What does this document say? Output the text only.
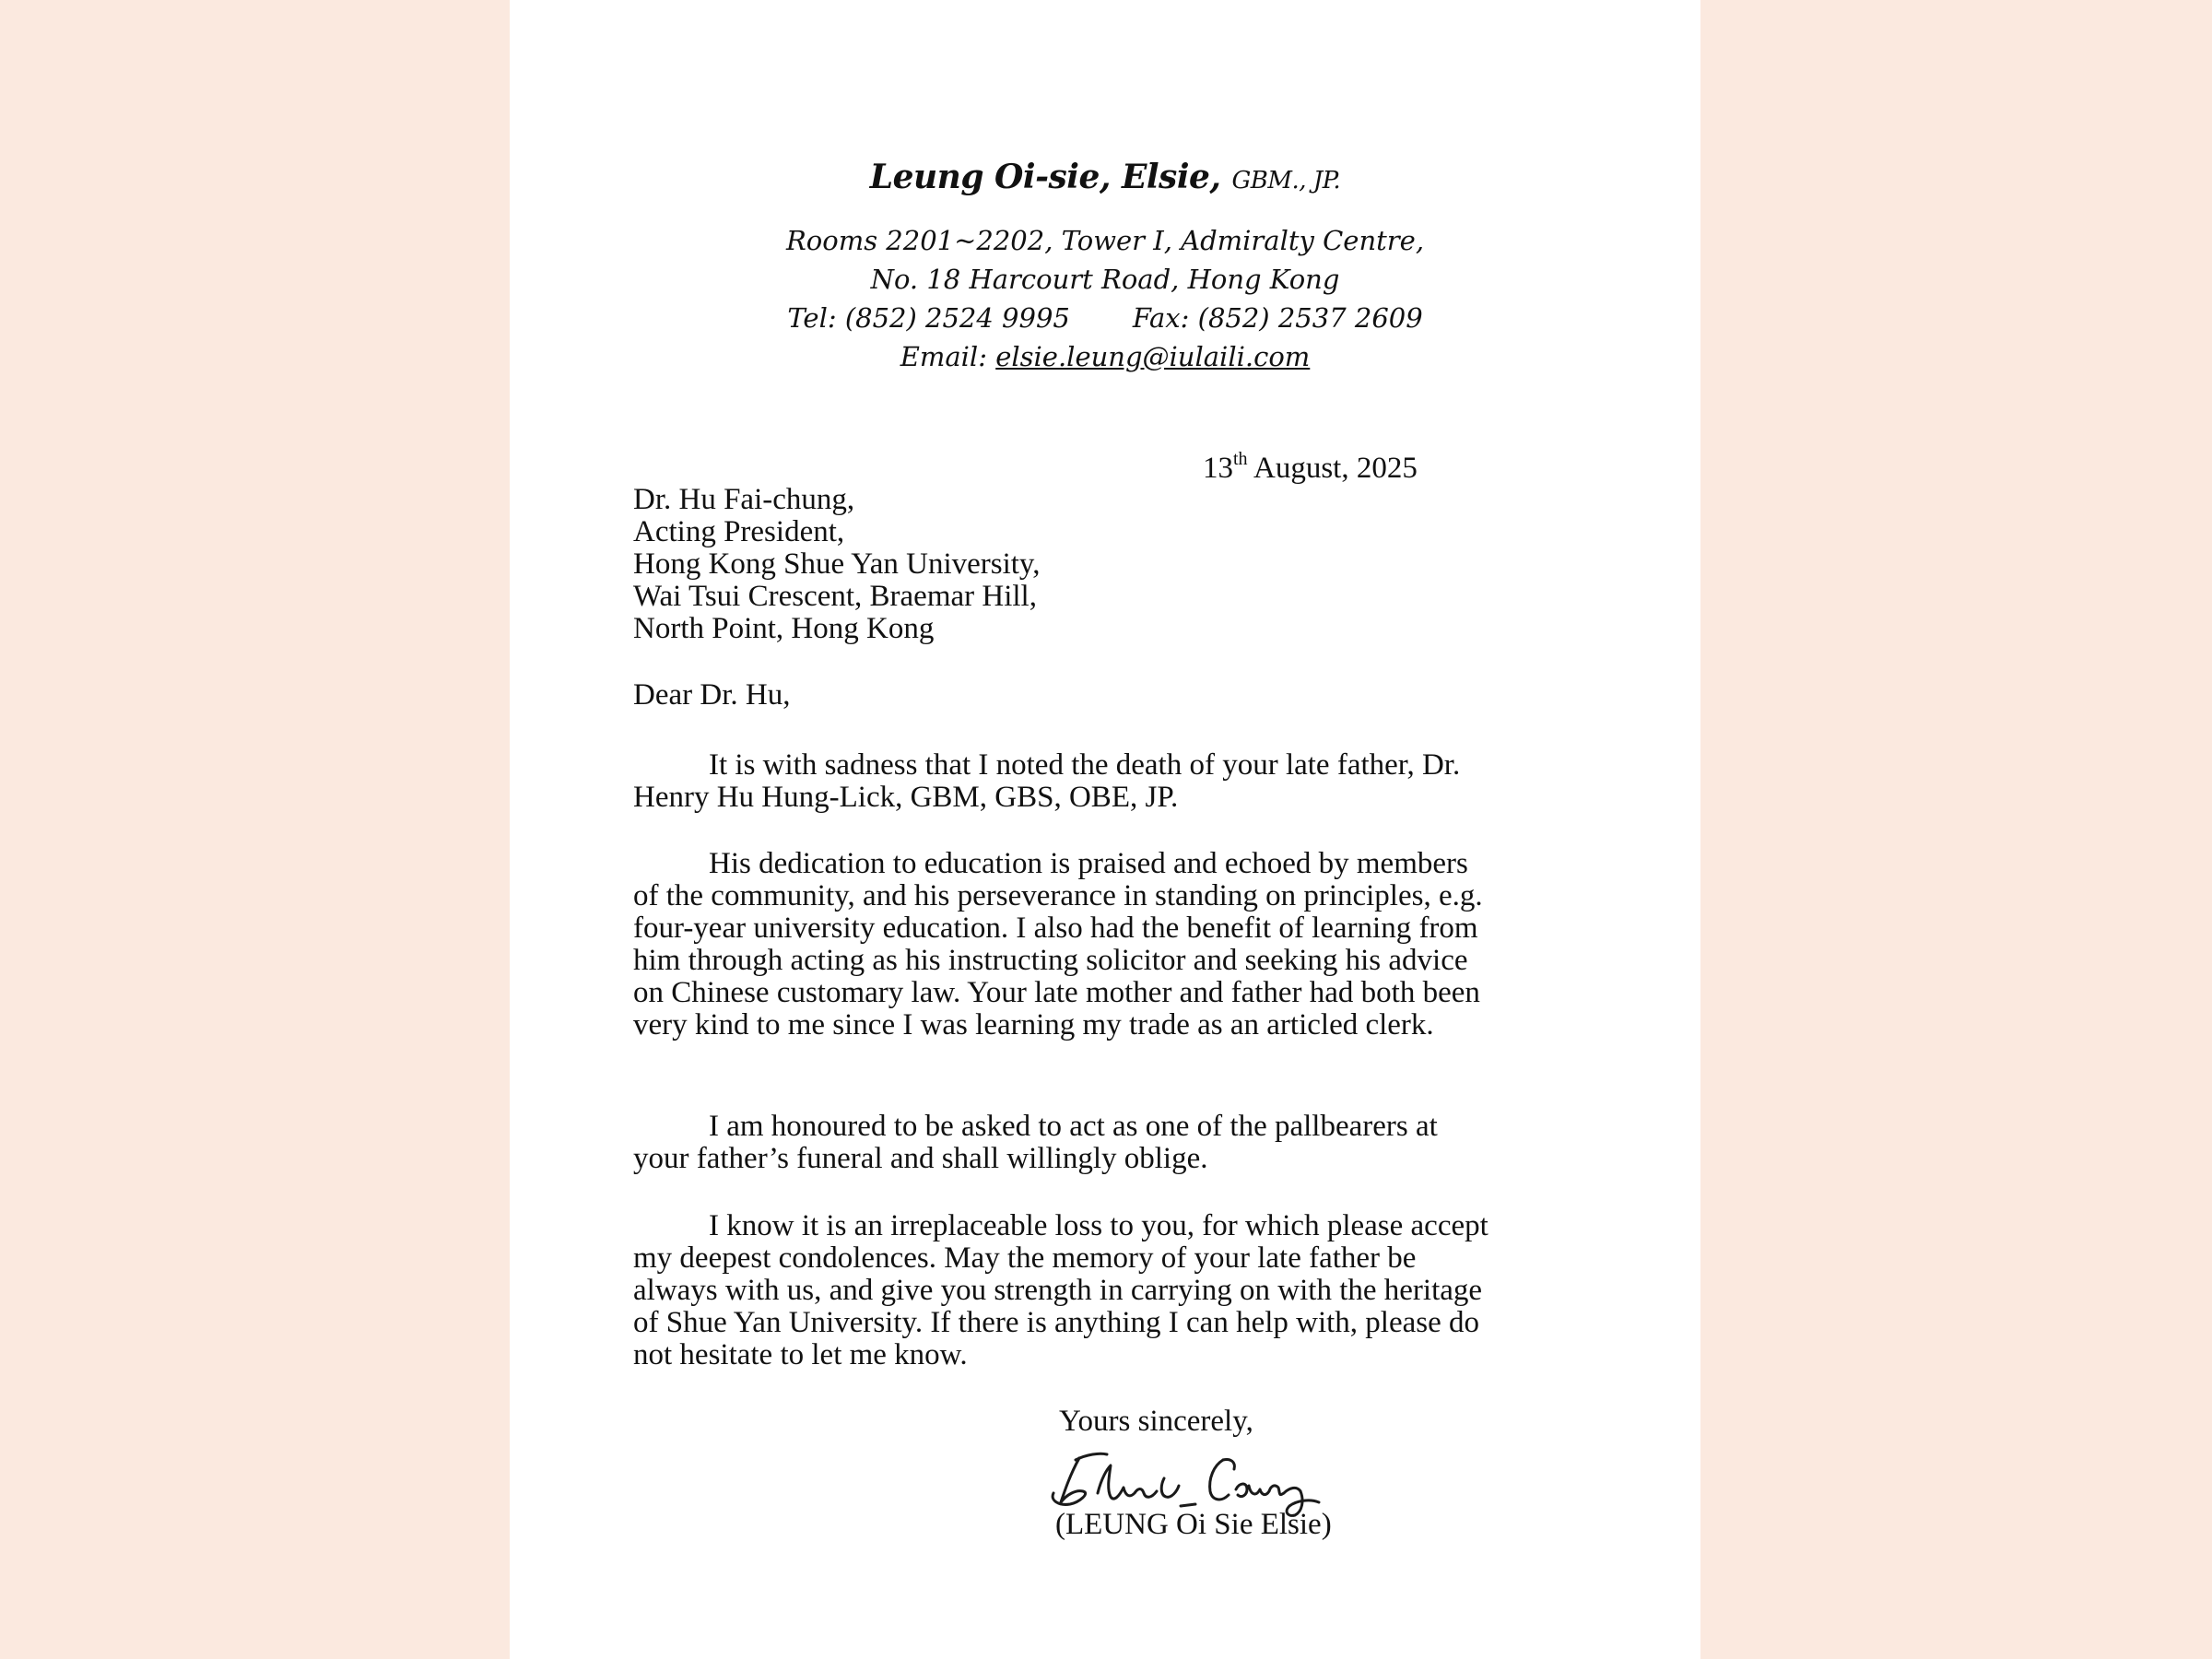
Leung Oi-sie, Elsie, GBM., JP.
Rooms 2201~2202, Tower I, Admiralty Centre,
No. 18 Harcourt Road, Hong Kong
Tel: (852) 2524 9995 Fax: (852) 2537 2609
Email: elsie.leung@iulaili.com
13th August, 2025
Dr. Hu Fai-chung,
Acting President,
Hong Kong Shue Yan University,
Wai Tsui Crescent, Braemar Hill,
North Point, Hong Kong
Dear Dr. Hu,
It is with sadness that I noted the death of your late father, Dr. Henry Hu Hung-Lick, GBM, GBS, OBE, JP.
His dedication to education is praised and echoed by members of the community, and his perseverance in standing on principles, e.g. four-year university education. I also had the benefit of learning from him through acting as his instructing solicitor and seeking his advice on Chinese customary law. Your late mother and father had both been very kind to me since I was learning my trade as an articled clerk.
I am honoured to be asked to act as one of the pallbearers at your father’s funeral and shall willingly oblige.
I know it is an irreplaceable loss to you, for which please accept my deepest condolences. May the memory of your late father be always with us, and give you strength in carrying on with the heritage of Shue Yan University. If there is anything I can help with, please do not hesitate to let me know.
Yours sincerely,
(LEUNG Oi Sie Elsie)
